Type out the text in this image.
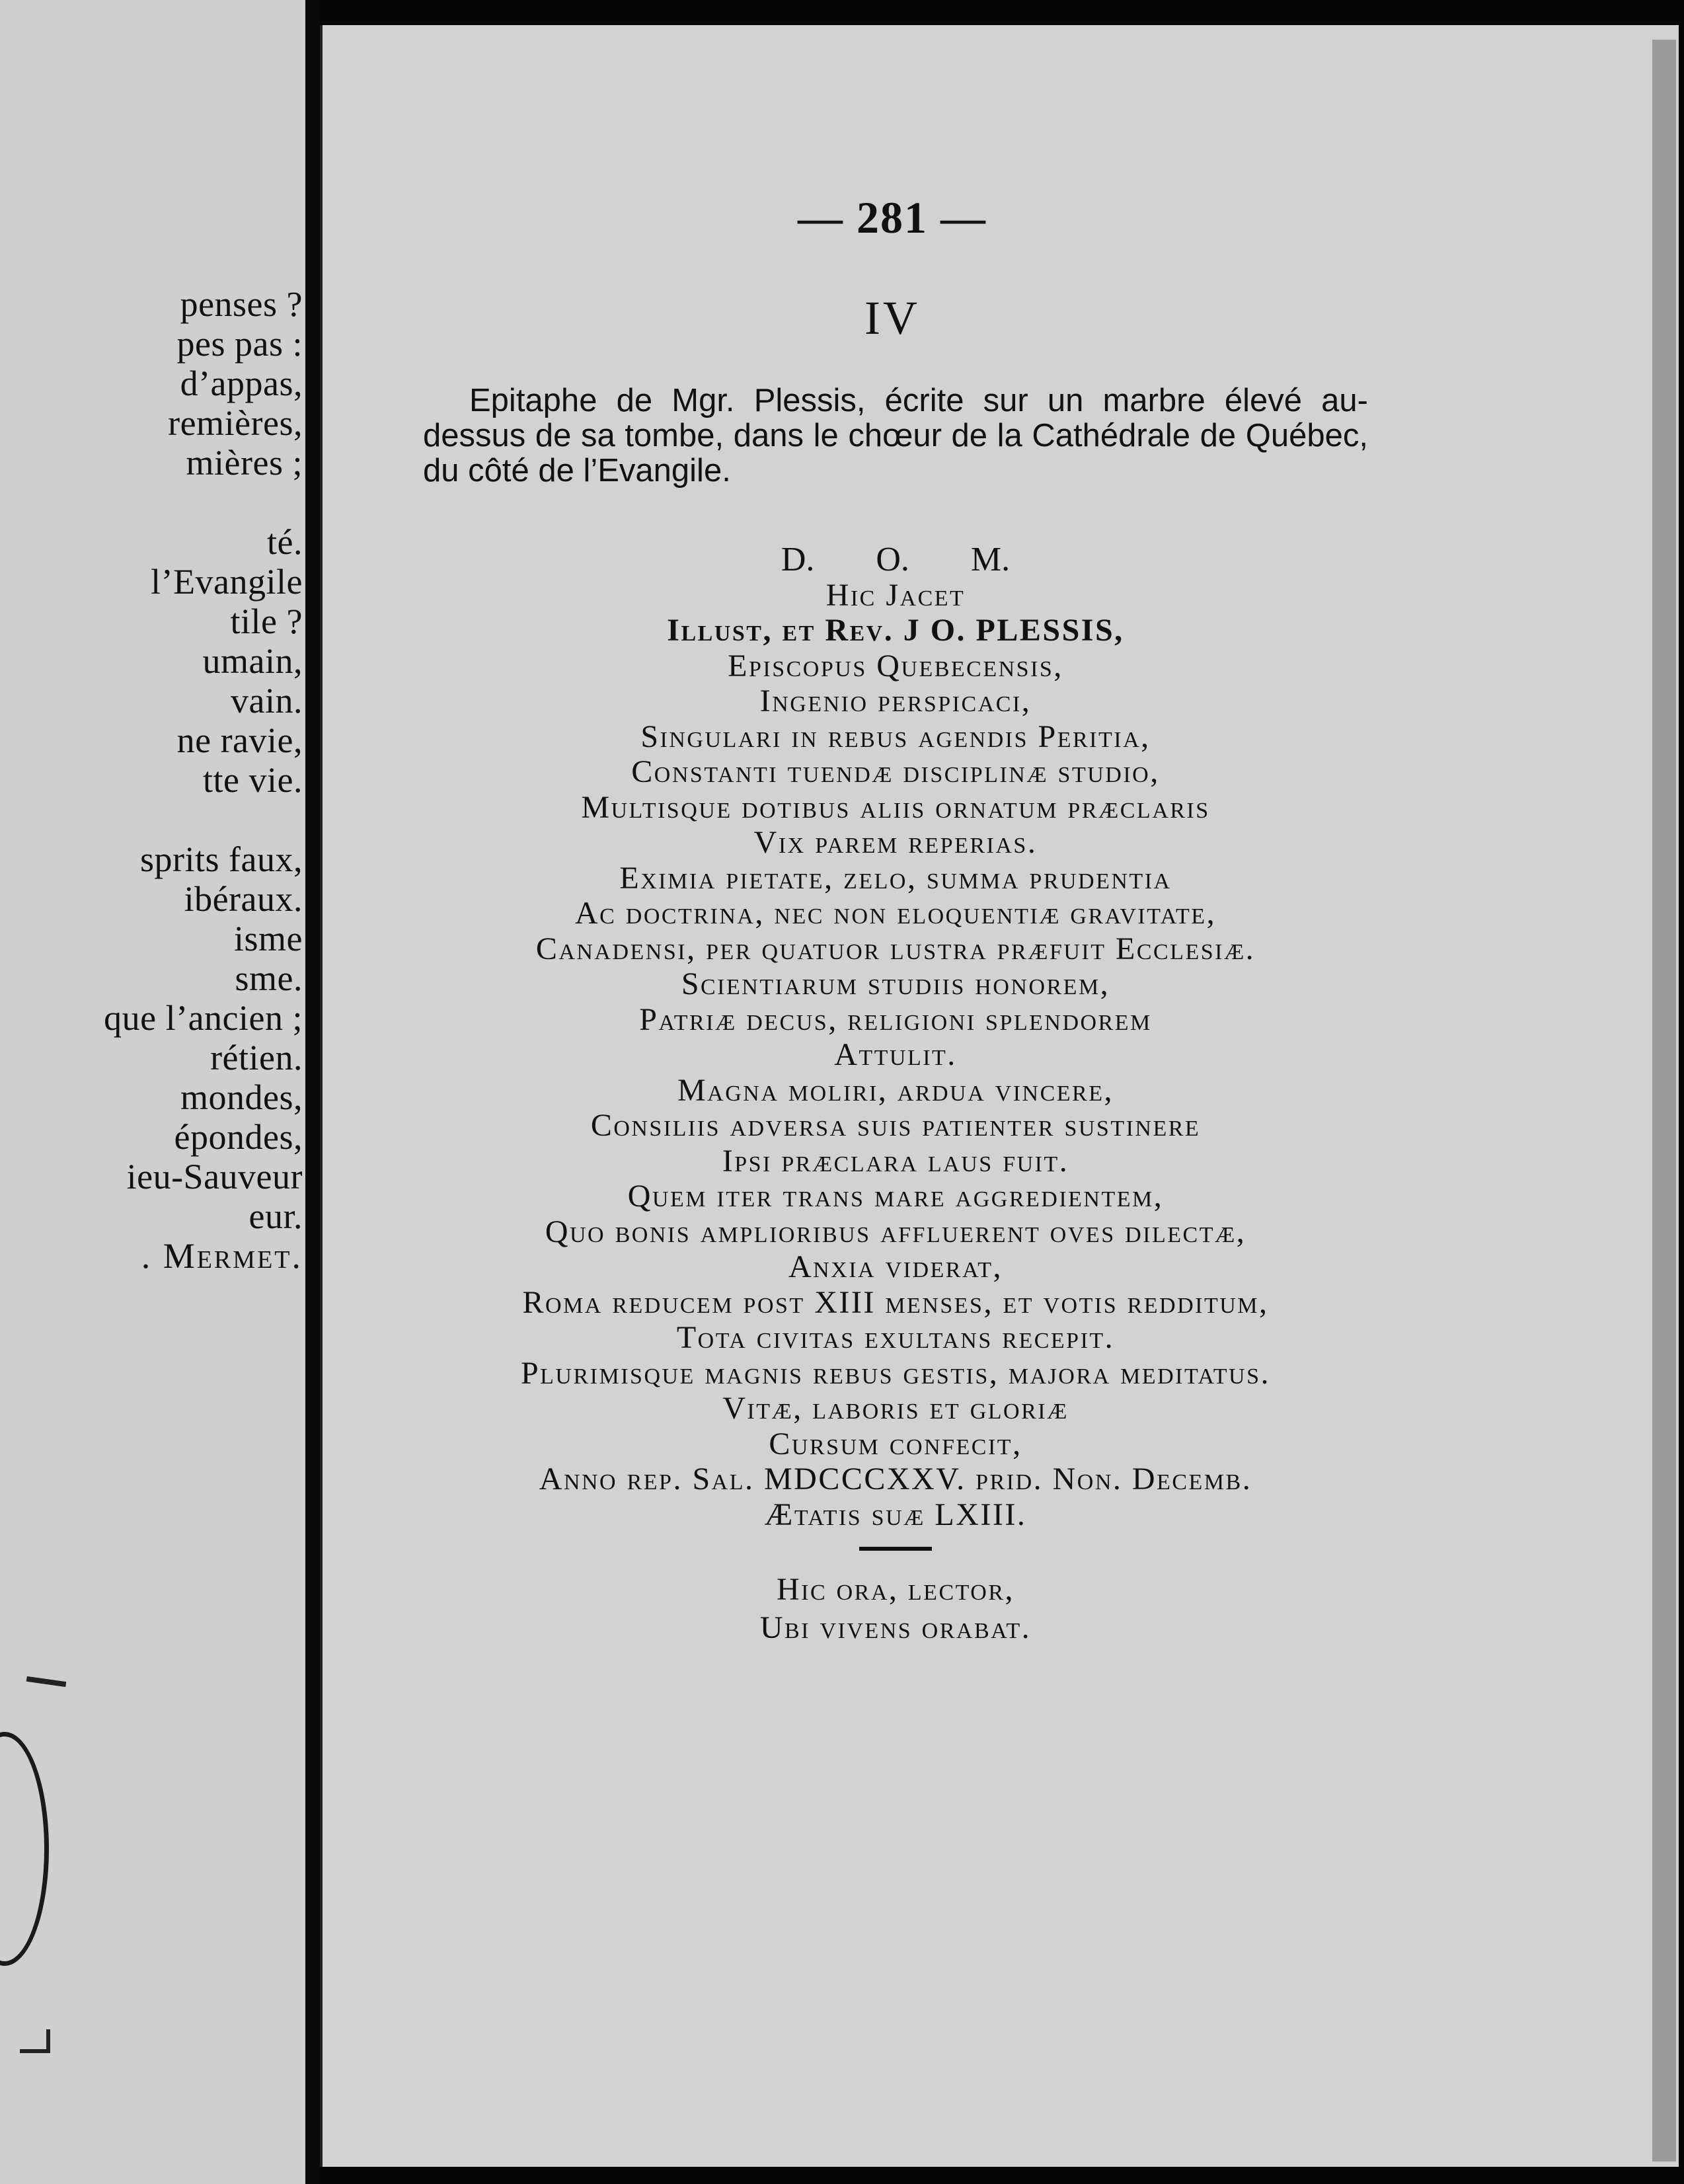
penses ?
pes pas :
d’appas,
remières,
mières ;
té.
l’Evangile
tile ?
umain,
vain.
ne ravie,
tte vie.
sprits faux,
ibéraux.
isme
sme.
que l’ancien ;
rétien.
mondes,
épondes,
ieu-Sauveur
eur.
. Mermet.
— 281 —
IV
Epitaphe de Mgr. Plessis, écrite sur un marbre élevé au-dessus de sa tombe, dans le chœur de la Cathédrale de Québec, du côté de l’Evangile.
D. O. M.
Hic Jacet
Illust, et Rev. J O. PLESSIS,
Episcopus Quebecensis,
Ingenio perspicaci,
Singulari in rebus agendis Peritia,
Constanti tuendæ disciplinæ studio,
Multisque dotibus aliis ornatum præclaris
Vix parem reperias.
Eximia pietate, zelo, summa prudentia
Ac doctrina, nec non eloquentiæ gravitate,
Canadensi, per quatuor lustra præfuit Ecclesiæ.
Scientiarum studiis honorem,
Patriæ decus, religioni splendorem
Attulit.
Magna moliri, ardua vincere,
Consiliis adversa suis patienter sustinere
Ipsi præclara laus fuit.
Quem iter trans mare aggredientem,
Quo bonis amplioribus affluerent oves dilectæ,
Anxia viderat,
Roma reducem post XIII menses, et votis redditum,
Tota civitas exultans recepit.
Plurimisque magnis rebus gestis, majora meditatus.
Vitæ, laboris et gloriæ
Cursum confecit,
Anno rep. Sal. MDCCCXXV. prid. Non. Decemb.
Ætatis suæ LXIII.
Hic ora, lector,
Ubi vivens orabat.
